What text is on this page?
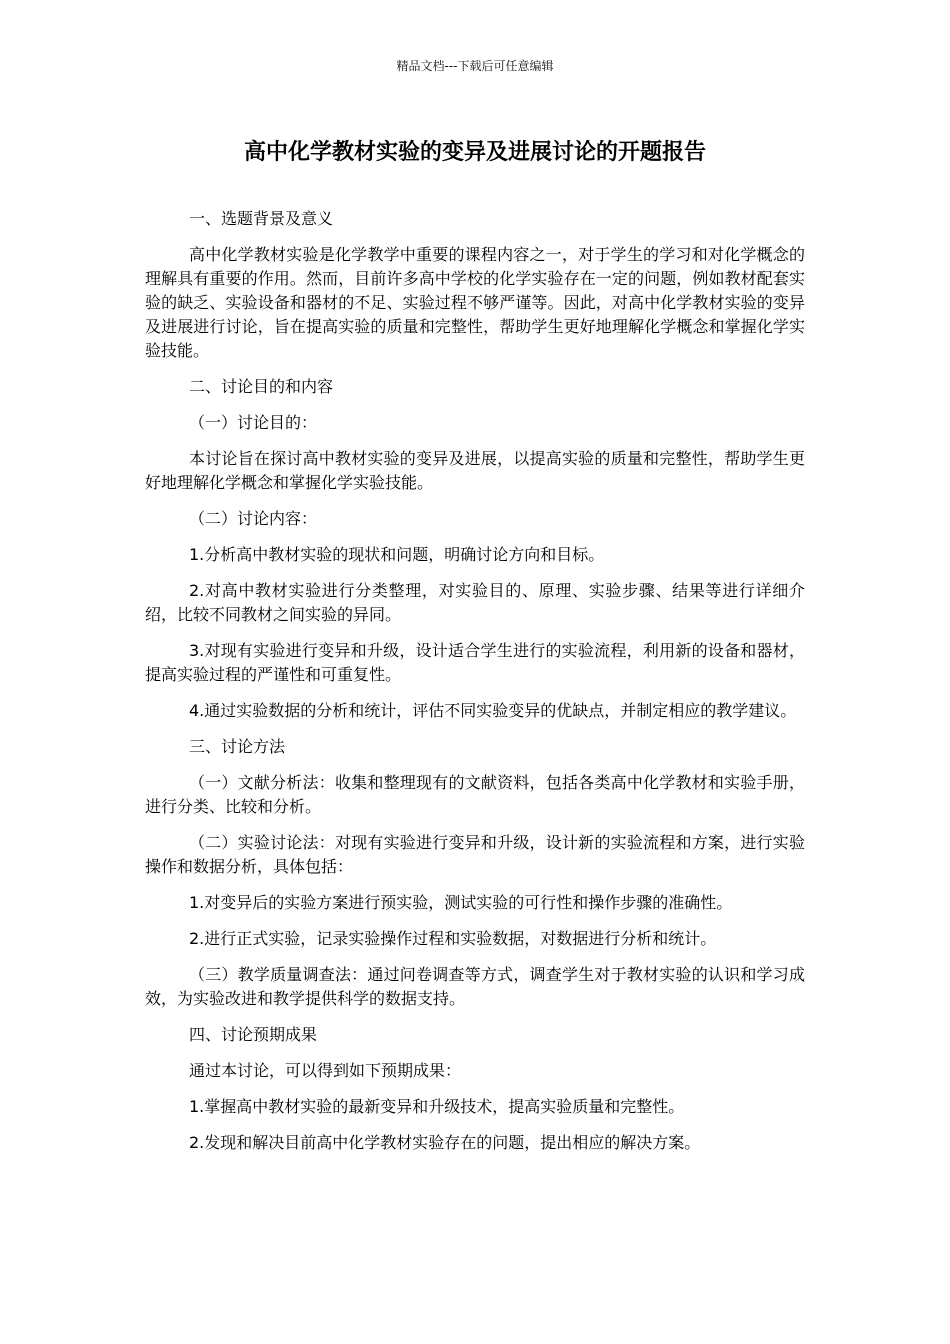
精品文档---下载后可任意编辑
高中化学教材实验的变异及进展讨论的开题报告

一、选题背景及意义

高中化学教材实验是化学教学中重要的课程内容之一，对于学生的学习和对化学概念的理解具有重要的作用。然而，目前许多高中学校的化学实验存在一定的问题，例如教材配套实验的缺乏、实验设备和器材的不足、实验过程不够严谨等。因此，对高中化学教材实验的变异及进展进行讨论，旨在提高实验的质量和完整性，帮助学生更好地理解化学概念和掌握化学实验技能。

二、讨论目的和内容

（一）讨论目的：

本讨论旨在探讨高中教材实验的变异及进展，以提高实验的质量和完整性，帮助学生更好地理解化学概念和掌握化学实验技能。

（二）讨论内容：

1.分析高中教材实验的现状和问题，明确讨论方向和目标。

2.对高中教材实验进行分类整理，对实验目的、原理、实验步骤、结果等进行详细介绍，比较不同教材之间实验的异同。

3.对现有实验进行变异和升级，设计适合学生进行的实验流程，利用新的设备和器材，提高实验过程的严谨性和可重复性。

4.通过实验数据的分析和统计，评估不同实验变异的优缺点，并制定相应的教学建议。

三、讨论方法

（一）文献分析法：收集和整理现有的文献资料，包括各类高中化学教材和实验手册，进行分类、比较和分析。

（二）实验讨论法：对现有实验进行变异和升级，设计新的实验流程和方案，进行实验操作和数据分析，具体包括：

1.对变异后的实验方案进行预实验，测试实验的可行性和操作步骤的准确性。

2.进行正式实验，记录实验操作过程和实验数据，对数据进行分析和统计。

（三）教学质量调查法：通过问卷调查等方式，调查学生对于教材实验的认识和学习成效，为实验改进和教学提供科学的数据支持。

四、讨论预期成果

通过本讨论，可以得到如下预期成果：

1.掌握高中教材实验的最新变异和升级技术，提高实验质量和完整性。

2.发现和解决目前高中化学教材实验存在的问题，提出相应的解决方案。
